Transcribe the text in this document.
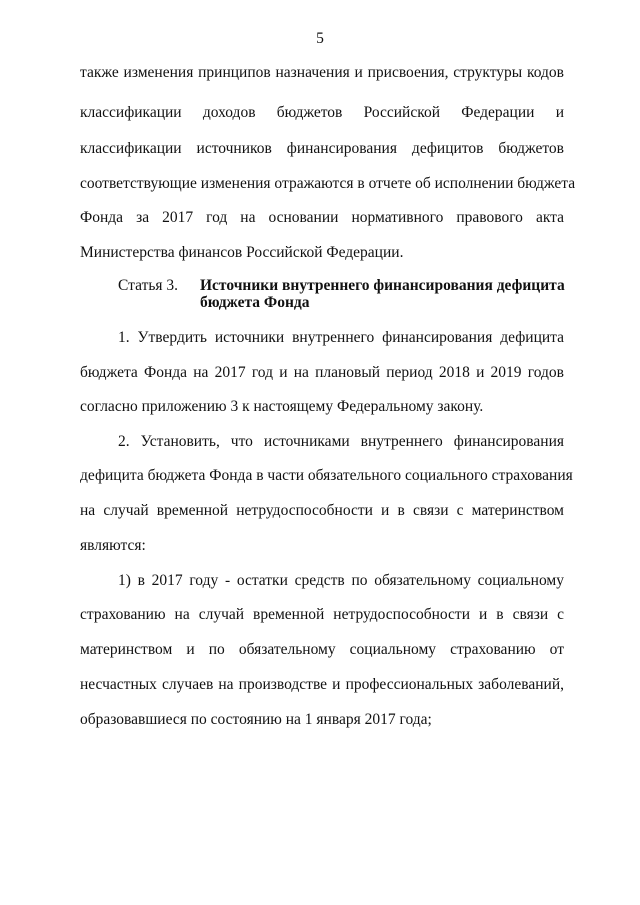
5
также изменения принципов назначения и присвоения, структуры кодов
классификации доходов бюджетов Российской Федерации и
классификации источников финансирования дефицитов бюджетов
соответствующие изменения отражаются в отчете об исполнении бюджета
Фонда за 2017 год на основании нормативного правового акта
Министерства финансов Российской Федерации.
Статья 3. Источники внутреннего финансирования дефицита
бюджета Фонда
1. Утвердить источники внутреннего финансирования дефицита
бюджета Фонда на 2017 год и на плановый период 2018 и 2019 годов
согласно приложению 3 к настоящему Федеральному закону.
2. Установить, что источниками внутреннего финансирования
дефицита бюджета Фонда в части обязательного социального страхования
на случай временной нетрудоспособности и в связи с материнством
являются:
1) в 2017 году - остатки средств по обязательному социальному
страхованию на случай временной нетрудоспособности и в связи с
материнством и по обязательному социальному страхованию от
несчастных случаев на производстве и профессиональных заболеваний,
образовавшиеся по состоянию на 1 января 2017 года;
